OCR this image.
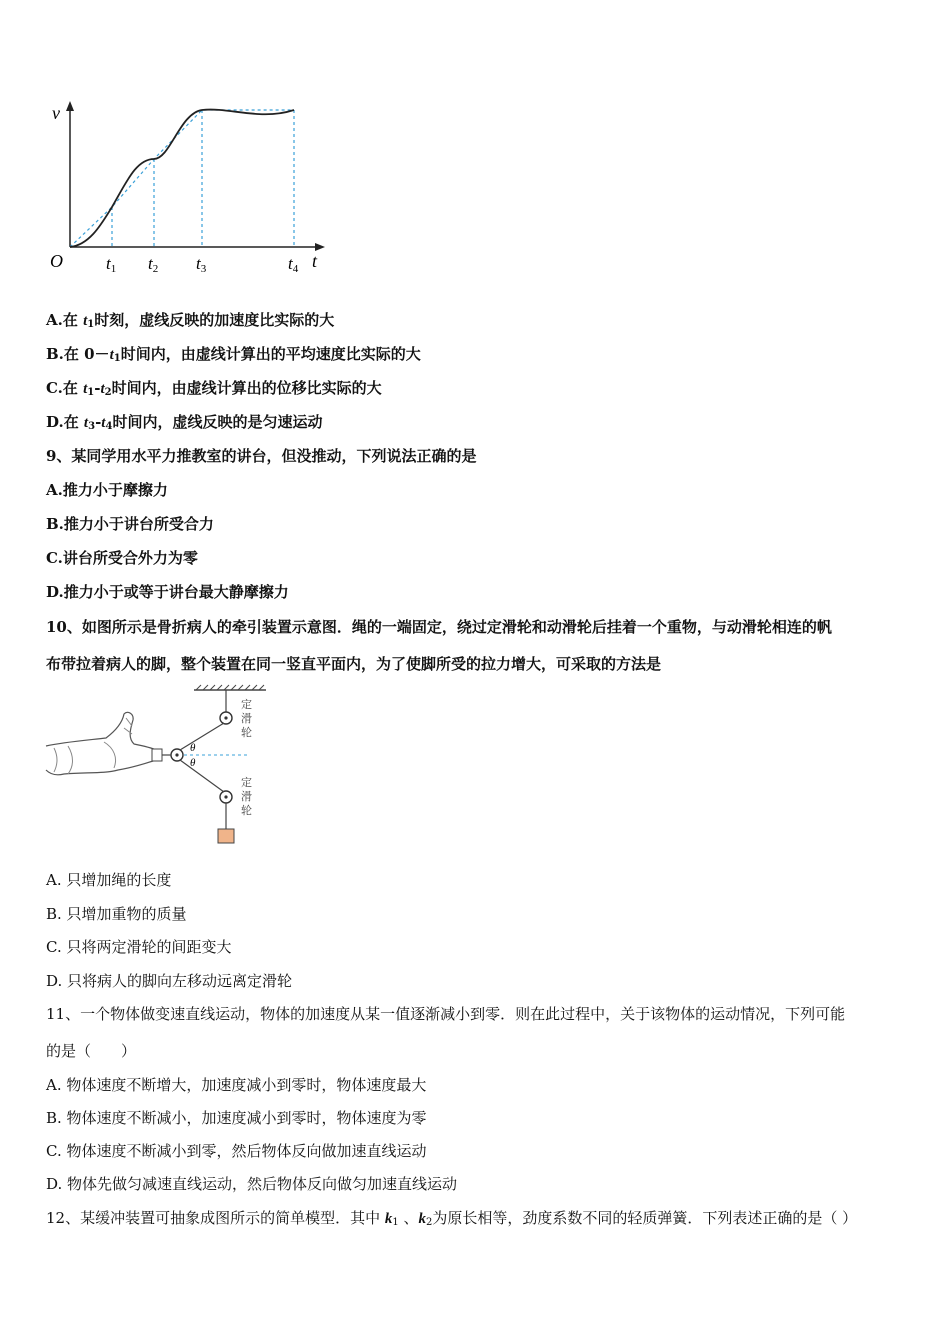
v
O	t
t1 t2 t3	t4
A.在 $t_1$时刻，虚线反映的加速度比实际的大
B.在 $0-t_1$时间内，由虚线计算出的平均速度比实际的大
C.在 $t_1-t_2$时间内，由虚线计算出的位移比实际的大
D.在 $t_3-t_4$时间内，虚线反映的是匀速运动
9、某同学用水平力推教室的讲台，但没推动，下列说法正确的是
A.推力小于摩擦力
B.推力小于讲台所受合力
C.讲台所受合外力为零
D.推力小于或等于讲台最大静摩擦力
10、如图所示是骨折病人的牵引装置示意图．绳的一端固定，绕过定滑轮和动滑轮后挂着一个重物，与动滑轮相连的帆
布带拉着病人的脚，整个装置在同一竖直平面内，为了使脚所受的拉力增大，可采取的方法是
θ
θ
定
滑
轮
定
滑
轮
A. 只增加绳的长度
B. 只增加重物的质量
C. 只将两定滑轮的间距变大
D. 只将病人的脚向左移动远离定滑轮
11、一个物体做变速直线运动，物体的加速度从某一值逐渐减小到零．则在此过程中，关于该物体的运动情况，下列可能
的是（　　）
A. 物体速度不断增大，加速度减小到零时，物体速度最大
B. 物体速度不断减小，加速度减小到零时，物体速度为零
C. 物体速度不断减小到零，然后物体反向做加速直线运动
D. 物体先做匀减速直线运动，然后物体反向做匀加速直线运动
12、某缓冲装置可抽象成图所示的简单模型．其中 $k_1$ 、$k_2$为原长相等，劲度系数不同的轻质弹簧．下列表述正确的是（ ）
